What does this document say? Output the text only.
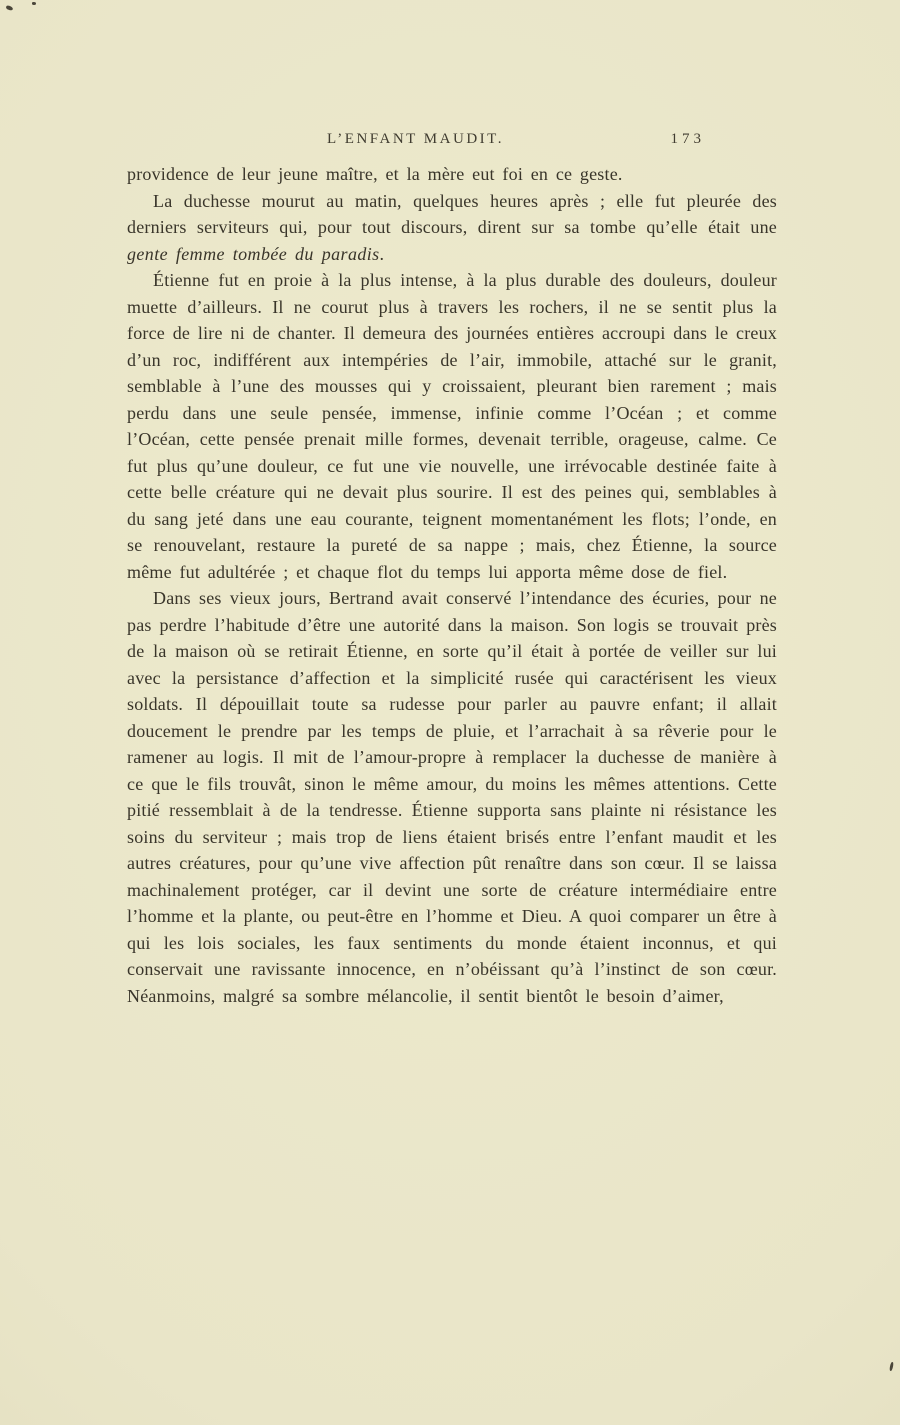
L’ENFANT MAUDIT.	173

providence de leur jeune maître, et la mère eut foi en ce geste.

La duchesse mourut au matin, quelques heures après ; elle fut pleurée des derniers serviteurs qui, pour tout discours, dirent sur sa tombe qu’elle était une gente femme tombée du paradis.

Étienne fut en proie à la plus intense, à la plus durable des douleurs, douleur muette d’ailleurs. Il ne courut plus à travers les rochers, il ne se sentit plus la force de lire ni de chanter. Il demeura des journées entières accroupi dans le creux d’un roc, indifférent aux intempéries de l’air, immobile, attaché sur le granit, semblable à l’une des mousses qui y croissaient, pleurant bien rarement ; mais perdu dans une seule pensée, immense, infinie comme l’Océan ; et comme l’Océan, cette pensée prenait mille formes, devenait terrible, orageuse, calme. Ce fut plus qu’une douleur, ce fut une vie nouvelle, une irrévocable destinée faite à cette belle créature qui ne devait plus sourire. Il est des peines qui, semblables à du sang jeté dans une eau courante, teignent momentanément les flots; l’onde, en se renouvelant, restaure la pureté de sa nappe ; mais, chez Étienne, la source même fut adultérée ; et chaque flot du temps lui apporta même dose de fiel.

Dans ses vieux jours, Bertrand avait conservé l’intendance des écuries, pour ne pas perdre l’habitude d’être une autorité dans la maison. Son logis se trouvait près de la maison où se retirait Étienne, en sorte qu’il était à portée de veiller sur lui avec la persistance d’affection et la simplicité rusée qui caractérisent les vieux soldats. Il dépouillait toute sa rudesse pour parler au pauvre enfant; il allait doucement le prendre par les temps de pluie, et l’arrachait à sa rêverie pour le ramener au logis. Il mit de l’amour-propre à remplacer la duchesse de manière à ce que le fils trouvât, sinon le même amour, du moins les mêmes attentions. Cette pitié ressemblait à de la tendresse. Étienne supporta sans plainte ni résistance les soins du serviteur ; mais trop de liens étaient brisés entre l’enfant maudit et les autres créatures, pour qu’une vive affection pût renaître dans son cœur. Il se laissa machinalement protéger, car il devint une sorte de créature intermédiaire entre l’homme et la plante, ou peut-être en l’homme et Dieu. A quoi comparer un être à qui les lois sociales, les faux sentiments du monde étaient inconnus, et qui conservait une ravissante innocence, en n’obéissant qu’à l’instinct de son cœur. Néanmoins, malgré sa sombre mélancolie, il sentit bientôt le besoin d’aimer,
